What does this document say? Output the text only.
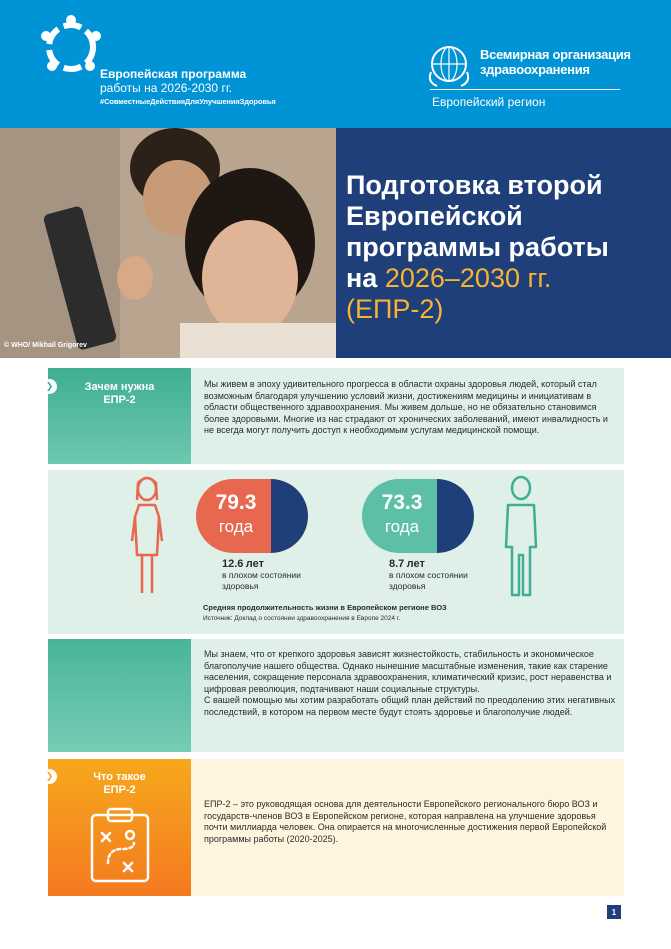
Европейская программа
работы на 2026-2030 гг.
#СовместныеДействияДляУлучшенияЗдоровья
Всемирная организация
здравоохранения
Европейский регион
© WHO/ Mikhail Grigorev
Подготовка второй
Европейской
программы работы
на 2026–2030 гг.
(ЕПР-2)
Зачем нужна
ЕПР-2
❯	Мы живем в эпоху удивительного прогресса в области охраны здоровья людей, который стал возможным благодаря улучшению условий жизни, достижениям медицины и инициативам в области общественного здравоохранения. Мы живем дольше, но не обязательно становимся более здоровыми. Многие из нас страдают от хронических заболеваний, имеют инвалидность и не всегда могут получить доступ к необходимым услугам медицинской помощи.
79.3
года
12.6 лет
в плохом состоянии
здоровья
73.3
года
8.7 лет
в плохом состоянии
здоровья
Средняя продолжительность жизни в Европейском регионе ВОЗ
Источник: Доклад о состоянии здравоохранения в Европе 2024 г.
Мы знаем, что от крепкого здоровья зависят жизнестойкость, стабильность и экономическое благополучие нашего общества. Однако нынешние масштабные изменения, такие как старение населения, сокращение персонала здравоохранения, климатический кризис, рост неравенства и цифровая революция, подтачивают наши социальные структуры.
С вашей помощью мы хотим разработать общий план действий по преодолению этих негативных последствий, в котором на первом месте будут стоять здоровье и благополучие людей.
Что такое
ЕПР-2
❯
ЕПР-2 – это руководящая основа для деятельности Европейского регионального бюро ВОЗ и государств-членов ВОЗ в Европейском регионе, которая направлена на улучшение здоровья почти миллиарда человек. Она опирается на многочисленные достижения первой Европейской программы работы (2020-2025).
1
